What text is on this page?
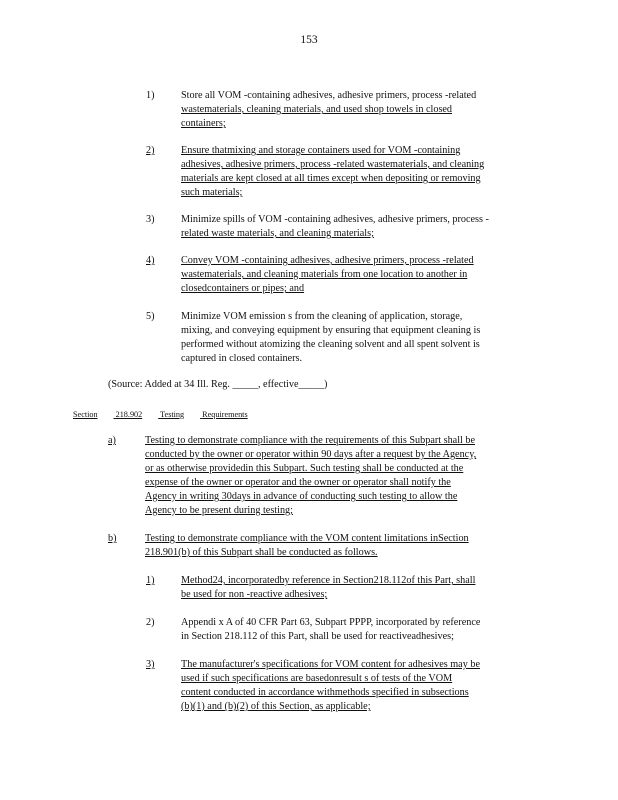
153
1)	Store all VOM -containing adhesives, adhesive primers, process -related
wastematerials, cleaning materials, and used shop towels in closed
containers;
2)	Ensure thatmixing and storage containers used for VOM -containing
adhesives, adhesive primers, process -related wastematerials, and cleaning
materials are kept closed at all times except when depositing or removing
such materials;
3)	Minimize spills of VOM -containing adhesives, adhesive primers, process -
related waste materials, and cleaning materials;
4)	Convey VOM -containing adhesives, adhesive primers, process -related
wastematerials, and cleaning materials from one location to another in
closedcontainers or pipes; and
5)	Minimize VOM emission s from the cleaning of application, storage,
mixing, and conveying equipment by ensuring that equipment cleaning is
performed without atomizing the cleaning solvent and all spent solvent is
captured in closed containers.
(Source: Added at 34 Ill. Reg. _____, effective_____)
Section 218.902 Testing Requirements
a)	Testing to demonstrate compliance with the requirements of this Subpart shall be
conducted by the owner or operator within 90 days after a request by the Agency,
or as otherwise providedin this Subpart. Such testing shall be conducted at the
expense of the owner or operator and the owner or operator shall notify the
Agency in writing 30days in advance of conducting such testing to allow the
Agency to be present during testing;
b)	Testing to demonstrate compliance with the VOM content limitations inSection
218.901(b) of this Subpart shall be conducted as follows.
1)	Method24, incorporatedby reference in Section218.112of this Part, shall
be used for non -reactive adhesives;
2)	Appendi x A of 40 CFR Part 63, Subpart PPPP, incorporated by reference
in Section 218.112 of this Part, shall be used for reactiveadhesives;
3)	The manufacturer's specifications for VOM content for adhesives may be
used if such specifications are basedonresult s of tests of the VOM
content conducted in accordance withmethods specified in subsections
(b)(1) and (b)(2) of this Section, as applicable;
